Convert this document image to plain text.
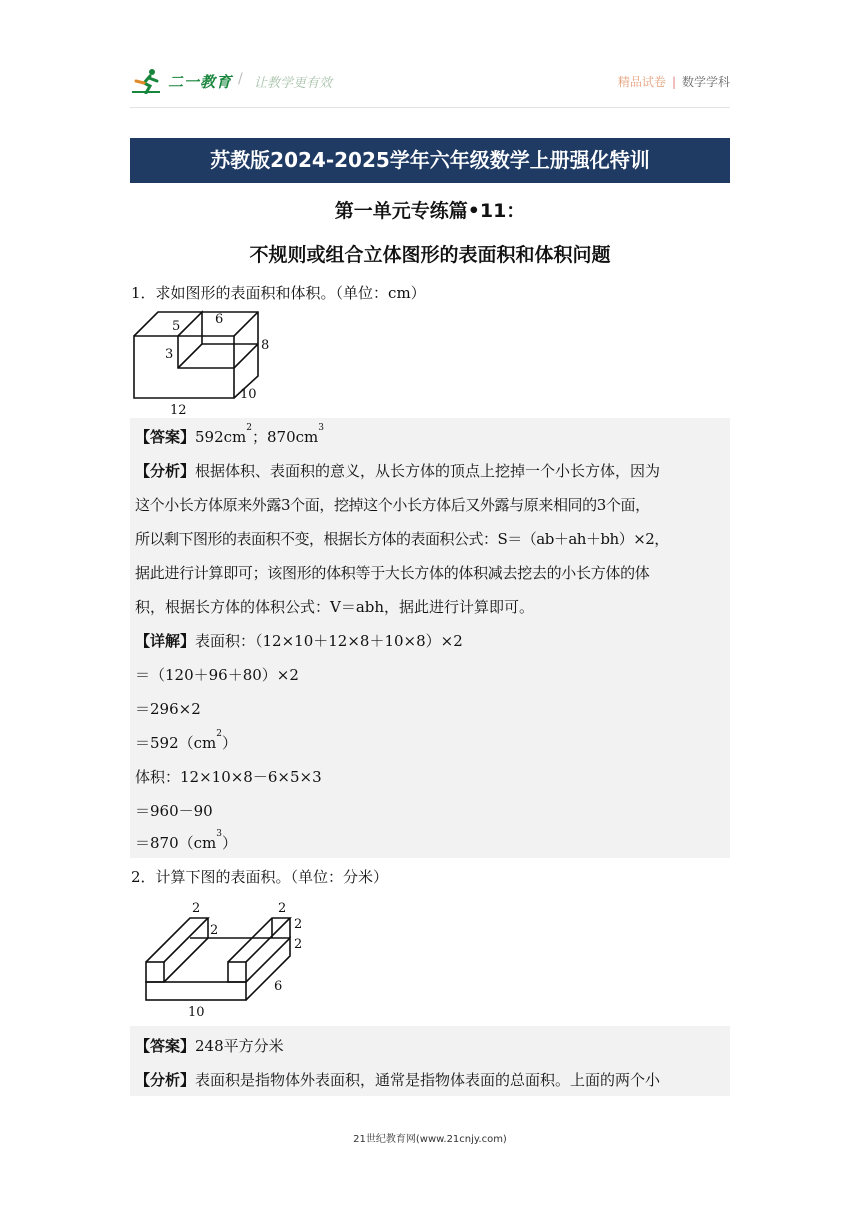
二一教育 / 让教学更有效	精品试卷 | 数学学科
苏教版2024-2025学年六年级数学上册强化特训
第一单元专练篇•11：
不规则或组合立体图形的表面积和体积问题
1．求如图形的表面积和体积。（单位：cm）
5	6
3
8
10
12
【答案】$592cm^2$；$870cm^3$
【分析】根据体积、表面积的意义，从长方体的顶点上挖掉一个小长方体，因为
这个小长方体原来外露3个面，挖掉这个小长方体后又外露与原来相同的3个面，
所以剩下图形的表面积不变，根据长方体的表面积公式：S＝（ab＋ah＋bh）×2，
据此进行计算即可；该图形的体积等于大长方体的体积减去挖去的小长方体的体
积，根据长方体的体积公式：V＝abh，据此进行计算即可。
【详解】表面积：（12×10＋12×8＋10×8）×2
＝（120＋96＋80）×2
＝296×2
$=592(cm^2)$
体积：12×10×8－6×5×3
＝960－90
$=870(cm^3)$
2．计算下图的表面积。（单位：分米）
2
2
2
2
2
6
10
【答案】248平方分米
【分析】表面积是指物体外表面积，通常是指物体表面的总面积。上面的两个小
21世纪教育网(www.21cnjy.com)
